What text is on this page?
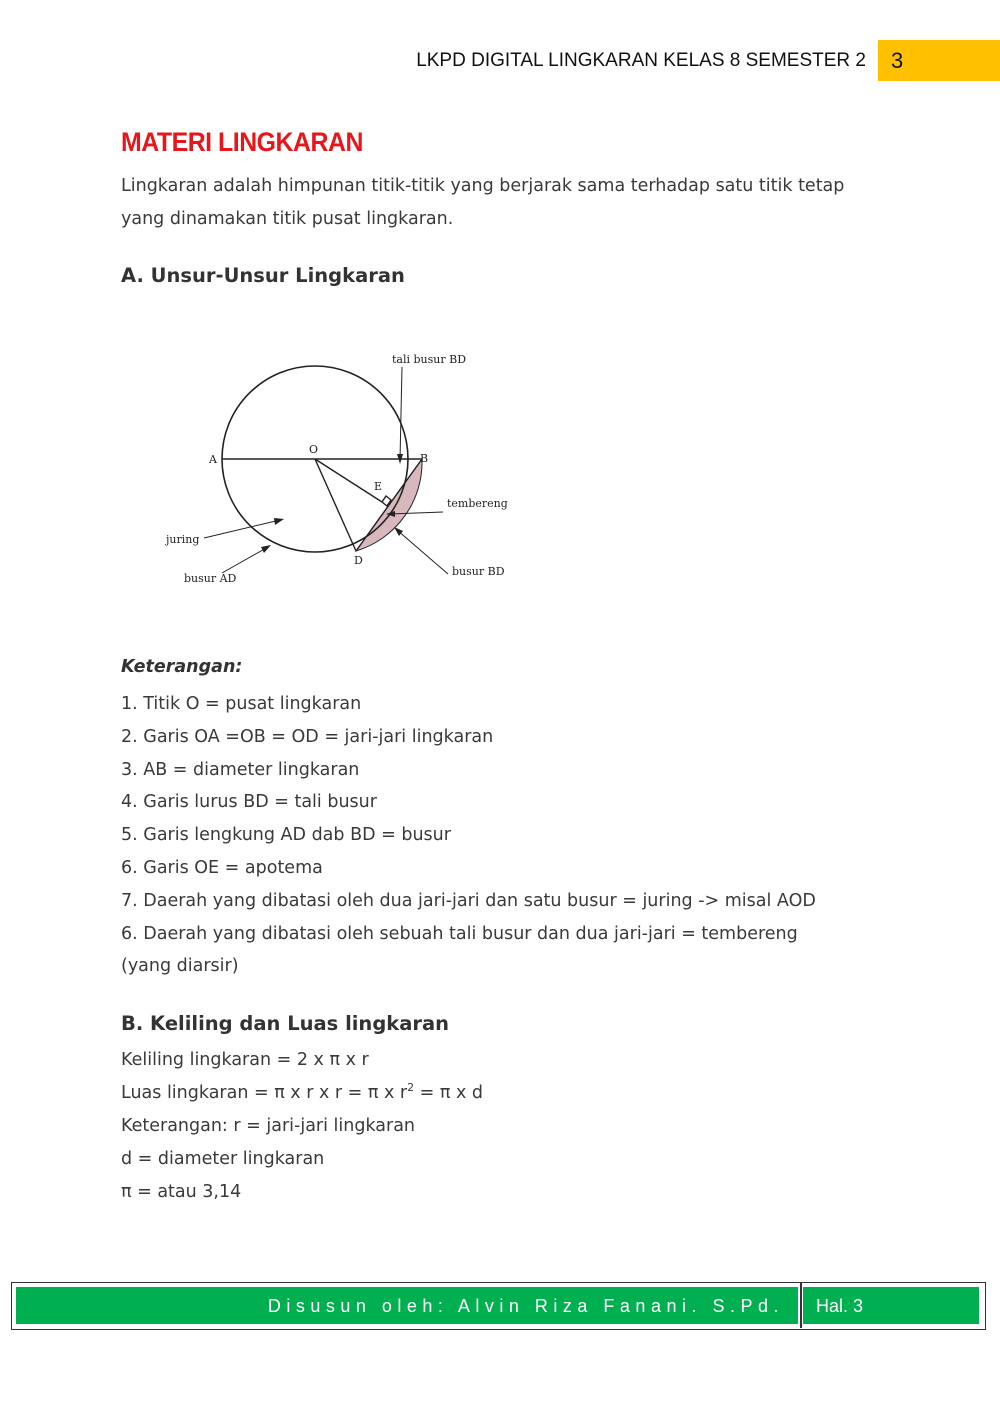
LKPD DIGITAL LINGKARAN KELAS 8 SEMESTER 2	3
MATERI LINGKARAN
Lingkaran adalah himpunan titik-titik yang berjarak sama terhadap satu titik tetap yang dinamakan titik pusat lingkaran.
A. Unsur-Unsur Lingkaran
A
O
B
E
D
tali busur BD
tembereng
juring
busur AD
busur BD
Keterangan:
1. Titik O = pusat lingkaran
2. Garis OA =OB = OD = jari-jari lingkaran
3. AB = diameter lingkaran
4. Garis lurus BD = tali busur
5. Garis lengkung AD dab BD = busur
6. Garis OE = apotema
7. Daerah yang dibatasi oleh dua jari-jari dan satu busur = juring -> misal AOD
6. Daerah yang dibatasi oleh sebuah tali busur dan dua jari-jari = tembereng
(yang diarsir)
B. Keliling dan Luas lingkaran
Keliling lingkaran = 2 x π x r
Luas lingkaran = π x r x r = π x $r^2 = \pi$ x d
Keterangan: r = jari-jari lingkaran
d = diameter lingkaran
π = atau 3,14
Disusun oleh: Alvin Riza Fanani. S.Pd.	Hal. 3
